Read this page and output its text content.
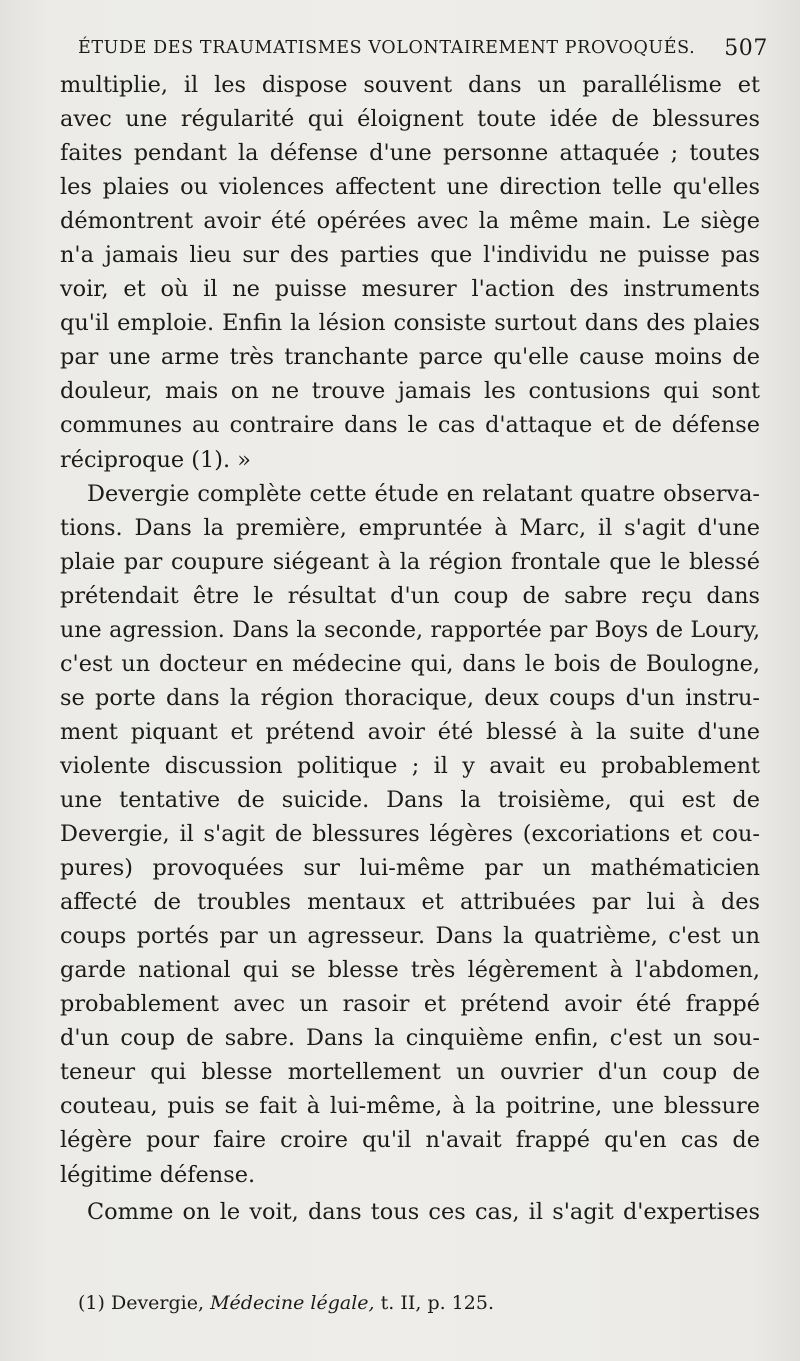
ÉTUDE DES TRAUMATISMES VOLONTAIREMENT PROVOQUÉS. 507
multiplie, il les dispose souvent dans un parallélisme et
avec une régularité qui éloignent toute idée de blessures
faites pendant la défense d'une personne attaquée ; toutes
les plaies ou violences affectent une direction telle qu'elles
démontrent avoir été opérées avec la même main. Le siège
n'a jamais lieu sur des parties que l'individu ne puisse pas
voir, et où il ne puisse mesurer l'action des instruments
qu'il emploie. Enfin la lésion consiste surtout dans des plaies
par une arme très tranchante parce qu'elle cause moins de
douleur, mais on ne trouve jamais les contusions qui sont
communes au contraire dans le cas d'attaque et de défense
réciproque (1). »
Devergie complète cette étude en relatant quatre observa-
tions. Dans la première, empruntée à Marc, il s'agit d'une
plaie par coupure siégeant à la région frontale que le blessé
prétendait être le résultat d'un coup de sabre reçu dans
une agression. Dans la seconde, rapportée par Boys de Loury,
c'est un docteur en médecine qui, dans le bois de Boulogne,
se porte dans la région thoracique, deux coups d'un instru-
ment piquant et prétend avoir été blessé à la suite d'une
violente discussion politique ; il y avait eu probablement
une tentative de suicide. Dans la troisième, qui est de
Devergie, il s'agit de blessures légères (excoriations et cou-
pures) provoquées sur lui-même par un mathématicien
affecté de troubles mentaux et attribuées par lui à des
coups portés par un agresseur. Dans la quatrième, c'est un
garde national qui se blesse très légèrement à l'abdomen,
probablement avec un rasoir et prétend avoir été frappé
d'un coup de sabre. Dans la cinquième enfin, c'est un sou-
teneur qui blesse mortellement un ouvrier d'un coup de
couteau, puis se fait à lui-même, à la poitrine, une blessure
légère pour faire croire qu'il n'avait frappé qu'en cas de
légitime défense.
Comme on le voit, dans tous ces cas, il s'agit d'expertises
(1) Devergie, Médecine légale, t. II, p. 125.
